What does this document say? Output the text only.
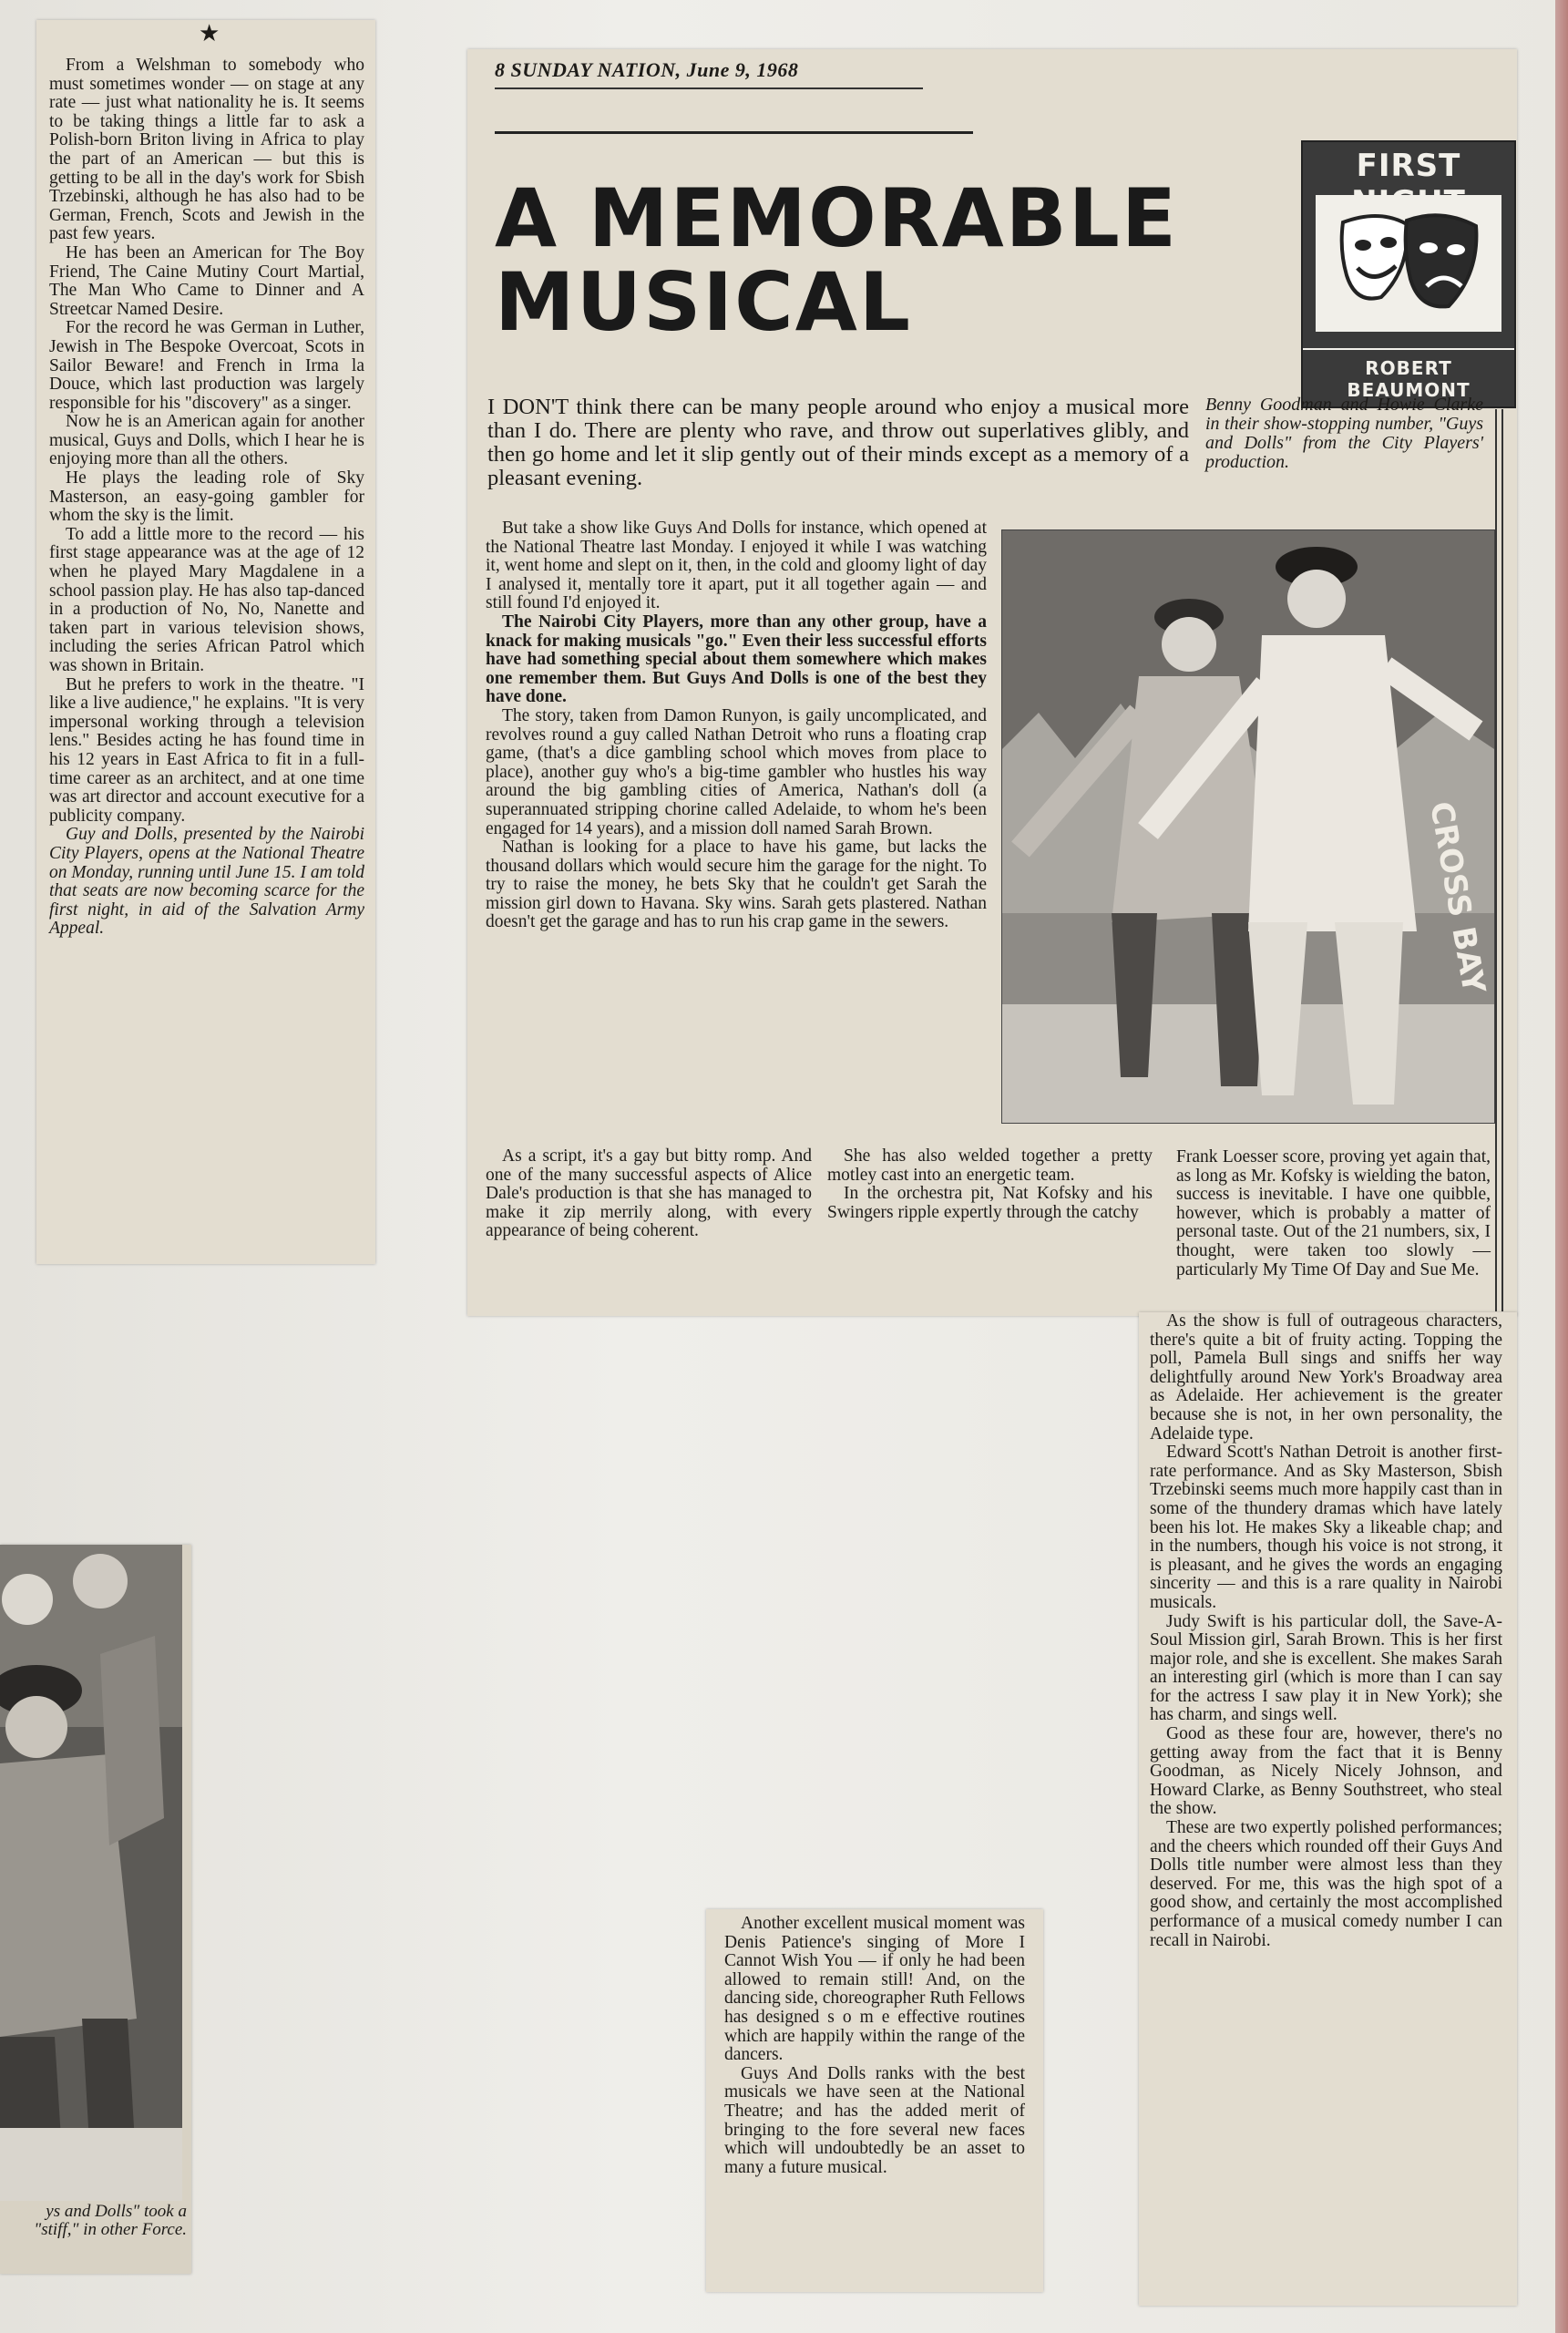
★

From a Welshman to somebody who must sometimes wonder — on stage at any rate — just what nationality he is. It seems to be taking things a little far to ask a Polish-born Briton living in Africa to play the part of an American — but this is getting to be all in the day's work for Sbish Trzebinski, although he has also had to be German, French, Scots and Jewish in the past few years.

He has been an American for The Boy Friend, The Caine Mutiny Court Martial, The Man Who Came to Dinner and A Streetcar Named Desire.

For the record he was German in Luther, Jewish in The Bespoke Overcoat, Scots in Sailor Beware! and French in Irma la Douce, which last production was largely responsible for his "discovery" as a singer.

Now he is an American again for another musical, Guys and Dolls, which I hear he is enjoying more than all the others.

He plays the leading role of Sky Masterson, an easy-going gambler for whom the sky is the limit.

To add a little more to the record — his first stage appearance was at the age of 12 when he played Mary Magdalene in a school passion play. He has also tap-danced in a production of No, No, Nanette and taken part in various television shows, including the series African Patrol which was shown in Britain.

But he prefers to work in the theatre. "I like a live audience," he explains. "It is very impersonal working through a television lens." Besides acting he has found time in his 12 years in East Africa to fit in a full-time career as an architect, and at one time was art director and account executive for a publicity company.

Guy and Dolls, presented by the Nairobi City Players, opens at the National Theatre on Monday, running until June 15. I am told that seats are now becoming scarce for the first night, in aid of the Salvation Army Appeal.

8 SUNDAY NATION, June 9, 1968
A MEMORABLE MUSICAL
FIRST
ROBERT BEAUMONT

I DON'T think there can be many people around who enjoy a musical more than I do. There are plenty who rave, and throw out superlatives glibly, and then go home and let it slip gently out of their minds except as a memory of a pleasant evening.

Benny Goodman and Howie Clarke in their show-stopping number, "Guys and Dolls" from the City Players' production.

CROSS BAY

But take a show like Guys And Dolls for instance, which opened at the National Theatre last Monday. I enjoyed it while I was watching it, went home and slept on it, then, in the cold and gloomy light of day I analysed it, mentally tore it apart, put it all together again — and still found I'd enjoyed it.

The Nairobi City Players, more than any other group, have a knack for making musicals "go." Even their less successful efforts have had something special about them somewhere which makes one remember them. But Guys And Dolls is one of the best they have done.

The story, taken from Damon Runyon, is gaily uncomplicated, and revolves round a guy called Nathan Detroit who runs a floating crap game, (that's a dice gambling school which moves from place to place), another guy who's a big-time gambler who hustles his way around the big gambling cities of America, Nathan's doll (a superannuated stripping chorine called Adelaide, to whom he's been engaged for 14 years), and a mission doll named Sarah Brown.

Nathan is looking for a place to have his game, but lacks the thousand dollars which would secure him the garage for the night. To try to raise the money, he bets Sky that he couldn't get Sarah the mission girl down to Havana. Sky wins. Sarah gets plastered. Nathan doesn't get the garage and has to run his crap game in the sewers.

As a script, it's a gay but bitty romp. And one of the many successful aspects of Alice Dale's production is that she has managed to make it zip merrily along, with every appearance of being coherent.

She has also welded together a pretty motley cast into an energetic team.

In the orchestra pit, Nat Kofsky and his Swingers ripple expertly through the catchy

Frank Loesser score, proving yet again that, as long as Mr. Kofsky is wielding the baton, success is inevitable. I have one quibble, however, which is probably a matter of personal taste. Out of the 21 numbers, six, I thought, were taken too slowly — particularly My Time Of Day and Sue Me.

As the show is full of outrageous characters, there's quite a bit of fruity acting. Topping the poll, Pamela Bull sings and sniffs her way delightfully around New York's Broadway area as Adelaide. Her achievement is the greater because she is not, in her own personality, the Adelaide type.

Edward Scott's Nathan Detroit is another first-rate performance. And as Sky Masterson, Sbish Trzebinski seems much more happily cast than in some of the thundery dramas which have lately been his lot. He makes Sky a likeable chap; and in the numbers, though his voice is not strong, it is pleasant, and he gives the words an engaging sincerity — and this is a rare quality in Nairobi musicals.

Judy Swift is his particular doll, the Save-A-Soul Mission girl, Sarah Brown. This is her first major role, and she is excellent. She makes Sarah an interesting girl (which is more than I can say for the actress I saw play it in New York); she has charm, and sings well.

Good as these four are, however, there's no getting away from the fact that it is Benny Goodman, as Nicely Nicely Johnson, and Howard Clarke, as Benny Southstreet, who steal the show.

These are two expertly polished performances; and the cheers which rounded off their Guys And Dolls title number were almost less than they deserved. For me, this was the high spot of a good show, and certainly the most accomplished performance of a musical comedy number I can recall in Nairobi.

Another excellent musical moment was Denis Patience's singing of More I Cannot Wish You — if only he had been allowed to remain still! And, on the dancing side, choreographer Ruth Fellows has designed s o m e effective routines which are happily within the range of the dancers.

Guys And Dolls ranks with the best musicals we have seen at the National Theatre; and has the added merit of bringing to the fore several new faces which will undoubtedly be an asset to many a future musical.

ys and Dolls" took a "stiff," in other Force.
